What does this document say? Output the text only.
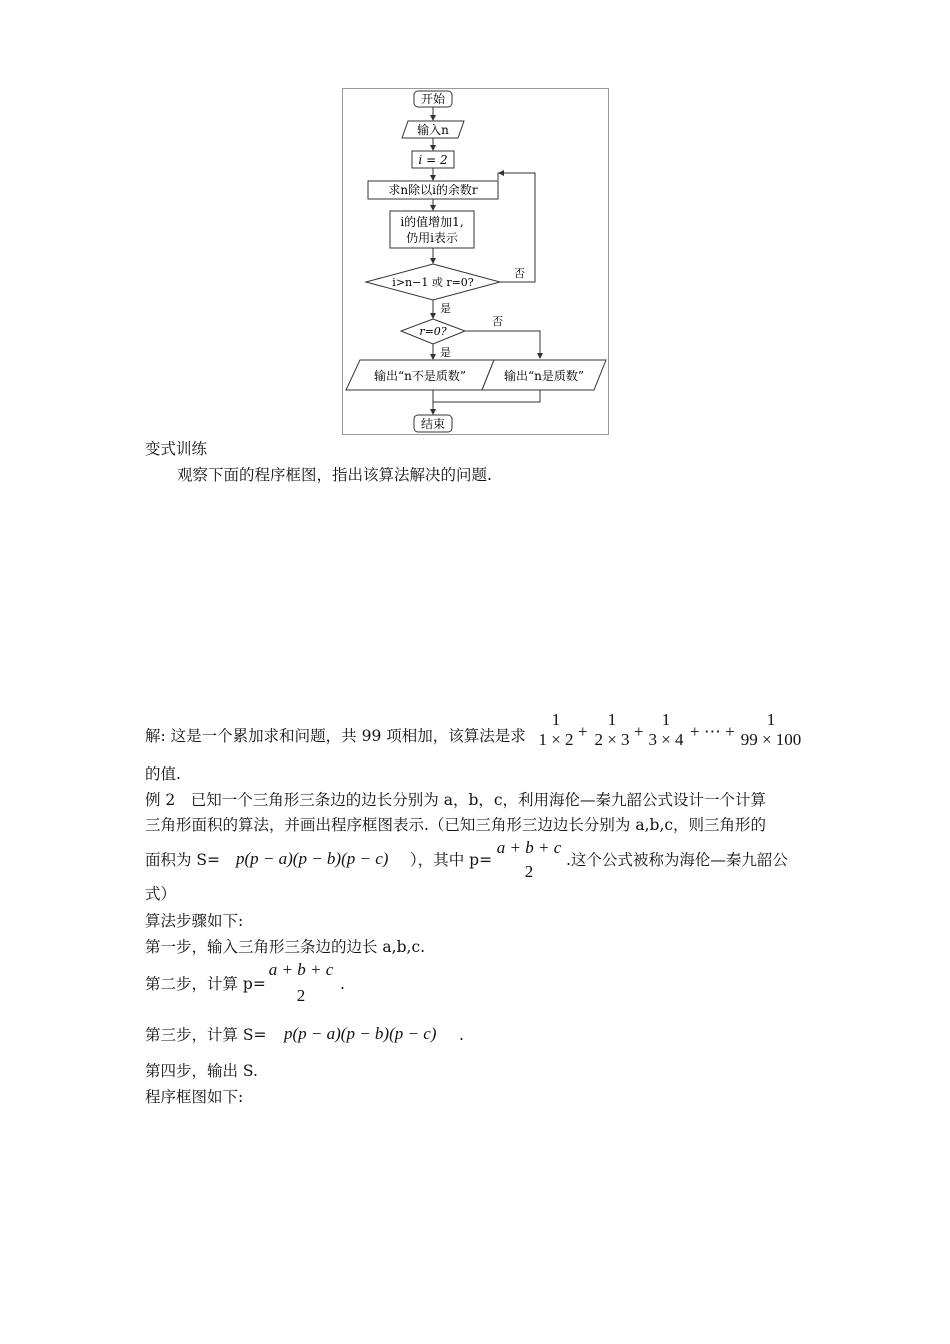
开始
输入n
i = 2
求n除以i的余数r
i的值增加1,
仍用i表示
i>n−1 或 r=0?
否
是
r=0?
否
是
输出“n不是质数”	输出“n是质数”
结束
变式训练
观察下面的程序框图，指出该算法解决的问题.
解: 这是一个累加求和问题，共 99 项相加，该算法是求
1
1 × 2 +
1
2 × 3 +
1
3 × 4 + ⋯ +
1
99 × 100
的值.
例 2　已知一个三角形三条边的边长分别为 a，b，c，利用海伦—秦九韶公式设计一个计算
三角形面积的算法，并画出程序框图表示.（已知三角形三边边长分别为 a,b,c，则三角形的
面积为 S= p(p − a)(p − b)(p − c) ），其中 p=
a + b + c
2
.这个公式被称为海伦—秦九韶公
式）
算法步骤如下:
第一步，输入三角形三条边的边长 a,b,c.
第二步，计算 p=
a + b + c
2
.
第三步，计算 S= p(p − a)(p − b)(p − c) .
第四步，输出 S.
程序框图如下:
